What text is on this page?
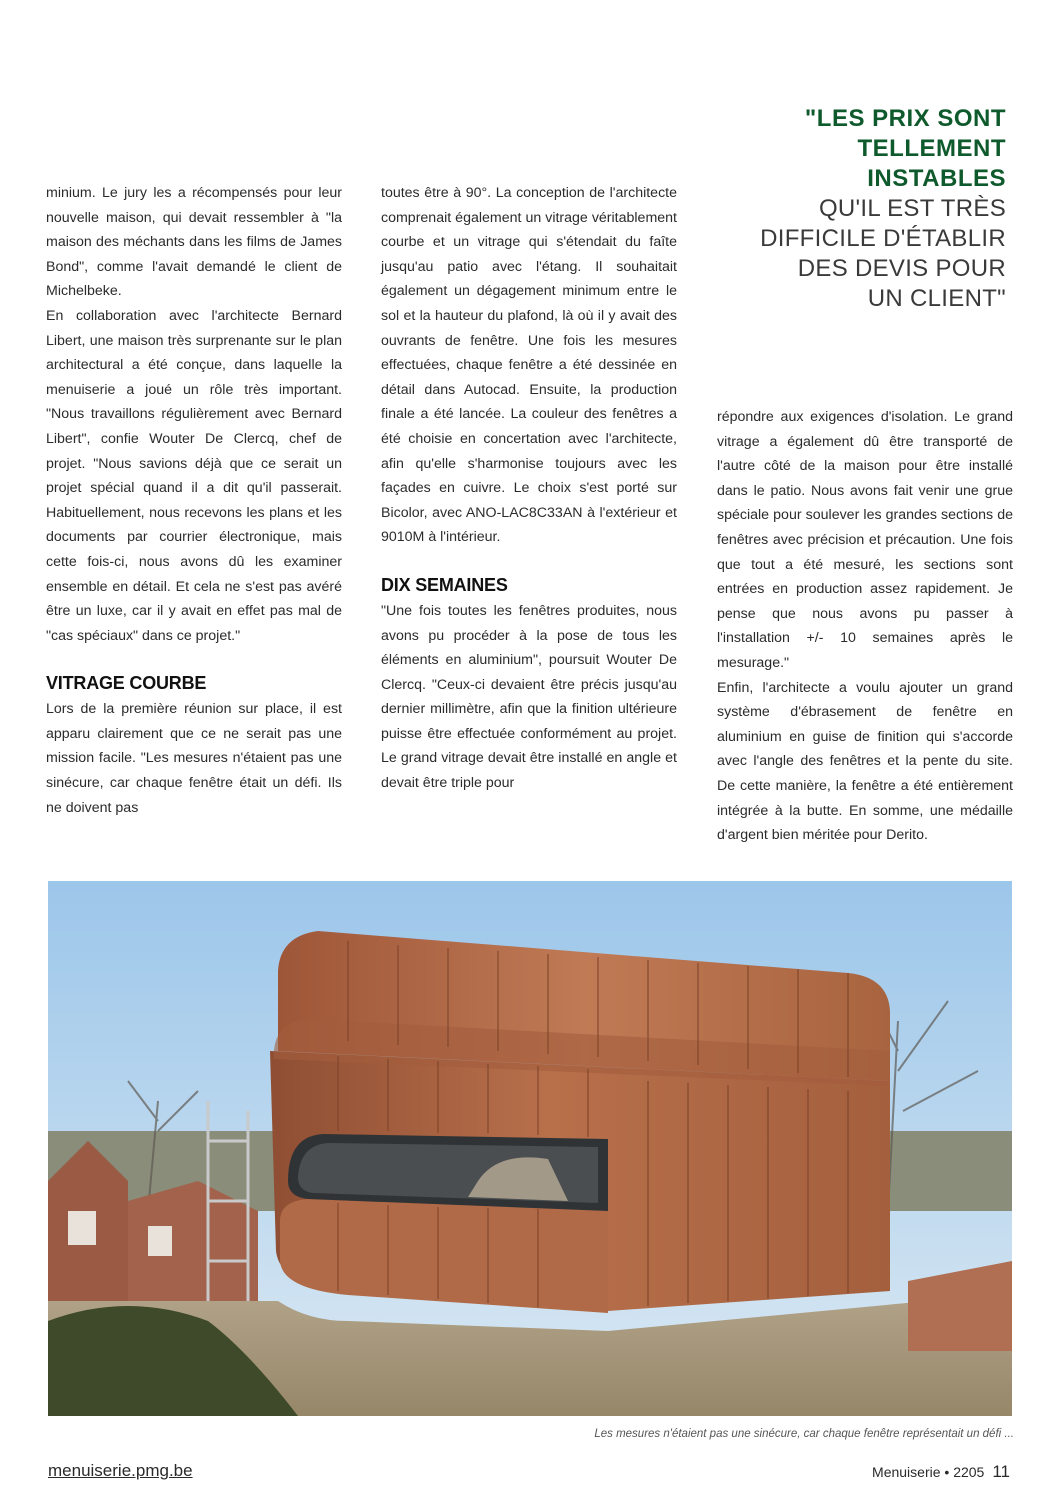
"LES PRIX SONT
TELLEMENT
INSTABLES
QU'IL EST TRÈS
DIFFICILE D'ÉTABLIR
DES DEVIS POUR
UN CLIENT"

minium. Le jury les a récompensés pour leur nouvelle maison, qui devait ressembler à "la maison des méchants dans les films de James Bond", comme l'avait demandé le client de Michelbeke.

En collaboration avec l'architecte Bernard Libert, une maison très surprenante sur le plan architectural a été conçue, dans laquelle la menuiserie a joué un rôle très important. "Nous travaillons régulièrement avec Bernard Libert", confie Wouter De Clercq, chef de projet. "Nous savions déjà que ce serait un projet spécial quand il a dit qu'il passerait. Habituellement, nous recevons les plans et les documents par courrier électronique, mais cette fois-ci, nous avons dû les examiner ensemble en détail. Et cela ne s'est pas avéré être un luxe, car il y avait en effet pas mal de "cas spéciaux" dans ce projet."

VITRAGE COURBE

Lors de la première réunion sur place, il est apparu clairement que ce ne serait pas une mission facile. "Les mesures n'étaient pas une sinécure, car chaque fenêtre était un défi. Ils ne doivent pas

toutes être à 90°. La conception de l'architecte comprenait également un vitrage véritablement courbe et un vitrage qui s'étendait du faîte jusqu'au patio avec l'étang. Il souhaitait également un dégagement minimum entre le sol et la hauteur du plafond, là où il y avait des ouvrants de fenêtre. Une fois les mesures effectuées, chaque fenêtre a été dessinée en détail dans Autocad. Ensuite, la production finale a été lancée. La couleur des fenêtres a été choisie en concertation avec l'architecte, afin qu'elle s'harmonise toujours avec les façades en cuivre. Le choix s'est porté sur Bicolor, avec ANO-LAC8C33AN à l'extérieur et 9010M à l'intérieur.

DIX SEMAINES

"Une fois toutes les fenêtres produites, nous avons pu procéder à la pose de tous les éléments en aluminium", poursuit Wouter De Clercq. "Ceux-ci devaient être précis jusqu'au dernier millimètre, afin que la finition ultérieure puisse être effectuée conformément au projet. Le grand vitrage devait être installé en angle et devait être triple pour

répondre aux exigences d'isolation. Le grand vitrage a également dû être transporté de l'autre côté de la maison pour être installé dans le patio. Nous avons fait venir une grue spéciale pour soulever les grandes sections de fenêtres avec précision et précaution. Une fois que tout a été mesuré, les sections sont entrées en production assez rapidement. Je pense que nous avons pu passer à l'installation +/- 10 semaines après le mesurage."

Enfin, l'architecte a voulu ajouter un grand système d'ébrasement de fenêtre en aluminium en guise de finition qui s'accorde avec l'angle des fenêtres et la pente du site. De cette manière, la fenêtre a été entièrement intégrée à la butte. En somme, une médaille d'argent bien méritée pour Derito.

Les mesures n'étaient pas une sinécure, car chaque fenêtre représentait un défi ...
menuiserie.pmg.be	Menuiserie • 2205 11
